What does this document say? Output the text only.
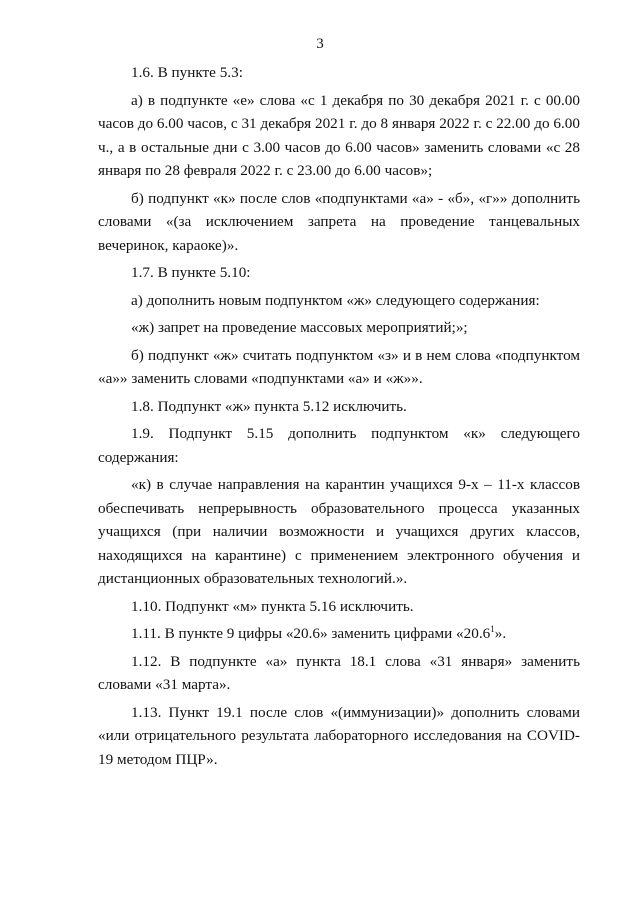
3

1.6. В пункте 5.3:

а) в подпункте «е» слова «с 1 декабря по 30 декабря 2021 г. с 00.00 часов до 6.00 часов, с 31 декабря 2021 г. до 8 января 2022 г. с 22.00 до 6.00 ч., а в остальные дни с 3.00 часов до 6.00 часов» заменить словами «с 28 января по 28 февраля 2022 г. с 23.00 до 6.00 часов»;

б) подпункт «к» после слов «подпунктами «а» - «б», «г»» дополнить словами «(за исключением запрета на проведение танцевальных вечеринок, караоке)».

1.7. В пункте 5.10:

а) дополнить новым подпунктом «ж» следующего содержания:

«ж) запрет на проведение массовых мероприятий;»;

б) подпункт «ж» считать подпунктом «з» и в нем слова «подпунктом «а»» заменить словами «подпунктами «а» и «ж»».

1.8. Подпункт «ж» пункта 5.12 исключить.

1.9. Подпункт 5.15 дополнить подпунктом «к» следующего содержания:

«к) в случае направления на карантин учащихся 9-х – 11-х классов обеспечивать непрерывность образовательного процесса указанных учащихся (при наличии возможности и учащихся других классов, находящихся на карантине) с применением электронного обучения и дистанционных образовательных технологий.».

1.10. Подпункт «м» пункта 5.16 исключить.

1.11. В пункте 9 цифры «20.6» заменить цифрами «20.6$^1$».

1.12. В подпункте «а» пункта 18.1 слова «31 января» заменить словами «31 марта».

1.13. Пункт 19.1 после слов «(иммунизации)» дополнить словами «или отрицательного результата лабораторного исследования на COVID-19 методом ПЦР».
